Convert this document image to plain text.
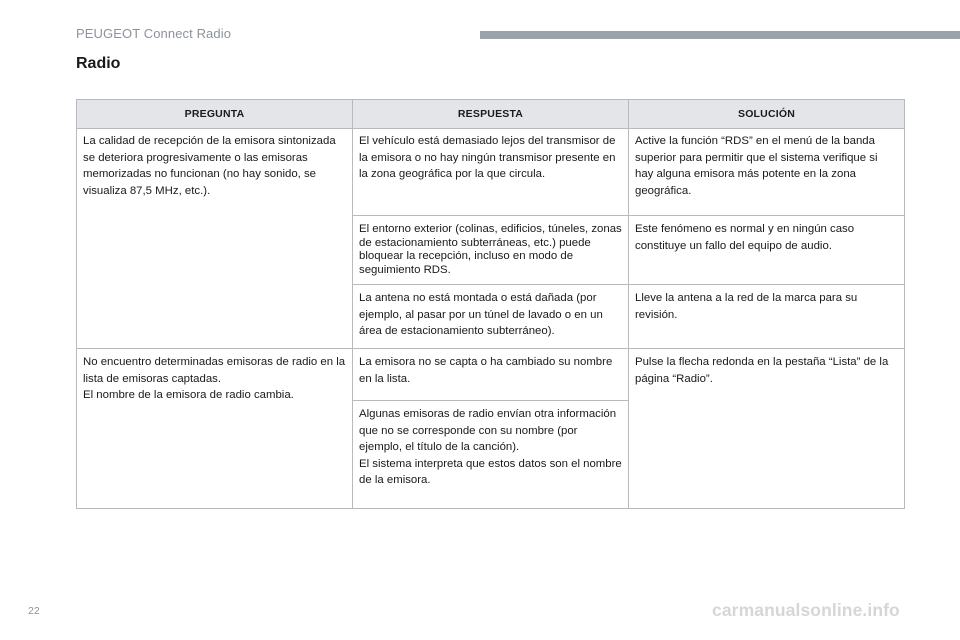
PEUGEOT Connect Radio
Radio
PREGUNTA	RESPUESTA	SOLUCIÓN

La calidad de recepción de la emisora sintonizada se deteriora progresivamente o las emisoras memorizadas no funcionan (no hay sonido, se visualiza 87,5 MHz, etc.).	El vehículo está demasiado lejos del transmisor de la emisora o no hay ningún transmisor presente en la zona geográfica por la que circula.	Active la función “RDS” en el menú de la banda superior para permitir que el sistema verifique si hay alguna emisora más potente en la zona geográfica.

	El entorno exterior (colinas, edificios, túneles, zonas de estacionamiento subterráneas, etc.) puede bloquear la recepción, incluso en modo de seguimiento RDS.	Este fenómeno es normal y en ningún caso constituye un fallo del equipo de audio.

	La antena no está montada o está dañada (por ejemplo, al pasar por un túnel de lavado o en un área de estacionamiento subterráneo).	Lleve la antena a la red de la marca para su revisión.

No encuentro determinadas emisoras de radio en la lista de emisoras captadas.
El nombre de la emisora de radio cambia.	La emisora no se capta o ha cambiado su nombre en la lista.	Pulse la flecha redonda en la pestaña “Lista” de la página “Radio”.

	Algunas emisoras de radio envían otra información que no se corresponde con su nombre (por ejemplo, el título de la canción).
El sistema interpreta que estos datos son el nombre de la emisora.	
22	carmanualsonline.info
